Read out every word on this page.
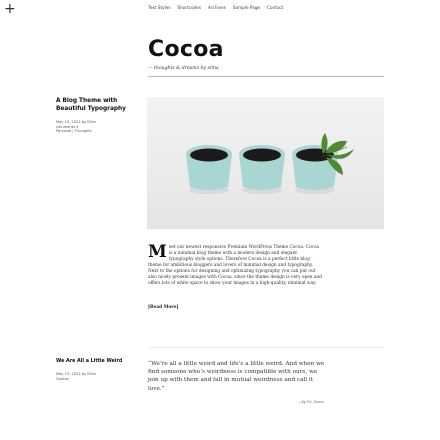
+	Text Styles Shortcodes Archives Sample Page Contact
Cocoa
— thoughts & dreams by elma
A Blog Theme with Beautiful Typography
May 19, 2022 by Ellen
comments 5
Personal | Thoughts

Meet our newest responsive Premium WordPress Theme Cocoa. Cocoa is a minimal blog theme with a modern design and elegant typography style options. Therefore Cocoa is a perfect little blog theme for ambitious bloggers and lovers of minimal design and typography. Next to the options for designing and optimizing typography you can put out also nicely present images with Cocoa, since the theme design is very open and offers lots of white space to show your images in a high-quality, minimal way.

[Read More]
We Are All a Little Weird
May 15, 2022 by Ellen
Quotes
“We’re all a little weird and life’s a little weird. And when we find someone who’s weirdness is compatible with ours, we join up with them and fall in mutual weirdness and call it love.”
—by Dr. Seuss
